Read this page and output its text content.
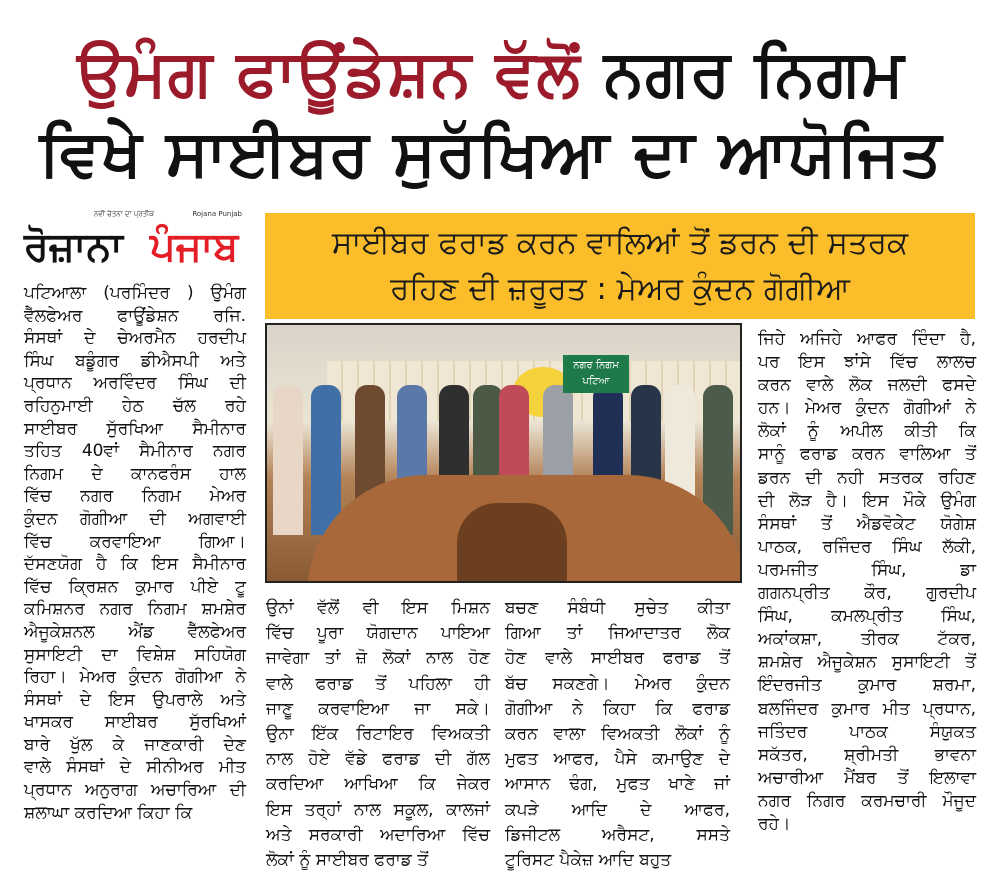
ਉਮੰਗ ਫਾਊਂਡੇਸ਼ਨ ਵੱਲੋਂ ਨਗਰ ਨਿਗਮ
ਵਿਖੇ ਸਾਈਬਰ ਸੁਰੱਖਿਆ ਦਾ ਆਯੋਜਿਤ
ਨਵੀਂ ਚੇਤਨਾ ਦਾ ਪ੍ਰਤੀਕ	Rojana Punjab
ਰੋਜ਼ਾਨਾ ਪੰਜਾਬ	ਸਾਈਬਰ ਫਰਾਡ ਕਰਨ ਵਾਲਿਆਂ ਤੋਂ ਡਰਨ ਦੀ ਸਤਰਕ
ਰਹਿਣ ਦੀ ਜ਼ਰੂਰਤ : ਮੇਅਰ ਕੁੰਦਨ ਗੋਗੀਆ
ਨਗਰ ਨਿਗਮ
ਪਟਿਆ
ਪਟਿਆਲਾ (ਪਰਮਿੰਦਰ ) ਉਮੰਗ
ਵੈੱਲਫੇਅਰ ਫਾਊਂਡੇਸ਼ਨ ਰਜਿ.
ਸੰਸਥਾਂ ਦੇ ਚੇਅਰਮੈਨ ਹਰਦੀਪ
ਸਿੰਘ ਬਡੂੰਗਰ ਡੀਐਸਪੀ ਅਤੇ
ਪ੍ਰਧਾਨ ਅਰਵਿੰਦਰ ਸਿੰਘ ਦੀ
ਰਹਿਨੁਮਾਈ ਹੇਠ ਚੱਲ ਰਹੇ
ਸਾਈਬਰ ਸੁੱਰਖਿਆ ਸੈਮੀਨਾਰ
ਤਹਿਤ 40ਵਾਂ ਸੈਮੀਨਾਰ ਨਗਰ
ਨਿਗਮ ਦੇ ਕਾਨਫਰੰਸ ਹਾਲ
ਵਿੱਚ ਨਗਰ ਨਿਗਮ ਮੇਅਰ
ਕੁੰਦਨ ਗੋਗੀਆ ਦੀ ਅਗਵਾਈ
ਵਿੱਚ ਕਰਵਾਇਆ ਗਿਆ।
ਦੱਸਣਯੋਗ ਹੈ ਕਿ ਇਸ ਸੈਮੀਨਾਰ
ਵਿੱਚ ਕ੍ਰਿਸ਼ਨ ਕੁਮਾਰ ਪੀਏ ਟੂ
ਕਮਿਸ਼ਨਰ ਨਗਰ ਨਿਗਮ ਸ਼ਮਸ਼ੇਰ
ਐਜੂਕੇਸ਼ਨਲ ਐਂਡ ਵੈੱਲਫੇਅਰ
ਸੁਸਾਇਟੀ ਦਾ ਵਿਸ਼ੇਸ਼ ਸਹਿਯੋਗ
ਰਿਹਾ। ਮੇਅਰ ਕੁੰਦਨ ਗੋਗੀਆ ਨੇ
ਸੰਸਥਾਂ ਦੇ ਇਸ ਉਪਰਾਲੇ ਅਤੇ
ਖਾਸਕਰ ਸਾਈਬਰ ਸੁੱਰਖਿਆਂ
ਬਾਰੇ ਖੁੱਲ ਕੇ ਜਾਣਕਾਰੀ ਦੇਣ
ਵਾਲੇ ਸੰਸਥਾਂ ਦੇ ਸੀਨੀਅਰ ਮੀਤ
ਪ੍ਰਧਾਨ ਅਨੁਰਾਗ ਅਚਾਰਿਆ ਦੀ
ਸ਼ਲਾਘਾ ਕਰਦਿਆ ਕਿਹਾ ਕਿ
ਉਨਾਂ ਵੱਲੋਂ ਵੀ ਇਸ ਮਿਸ਼ਨ
ਵਿੱਚ ਪੂਰਾ ਯੋਗਦਾਨ ਪਾਇਆ
ਜਾਵੇਗਾ ਤਾਂ ਜ਼ੋ ਲੋਕਾਂ ਨਾਲ ਹੋਣ
ਵਾਲੇ ਫਰਾਡ ਤੋਂ ਪਹਿਲਾ ਹੀ
ਜਾਣੂ ਕਰਵਾਇਆ ਜਾ ਸਕੇ।
ਉਨਾ ਇੱਕ ਰਿਟਾਇਰ ਵਿਅਕਤੀ
ਨਾਲ ਹੋਏ ਵੱਡੇ ਫਰਾਡ ਦੀ ਗੱਲ
ਕਰਦਿਆ ਆਖਿਆ ਕਿ ਜੇਕਰ
ਇਸ ਤਰ੍ਹਾਂ ਨਾਲ ਸਕੂਲ, ਕਾਲਜਾਂ
ਅਤੇ ਸਰਕਾਰੀ ਅਦਾਰਿਆ ਵਿੱਚ
ਲੋਕਾਂ ਨੂੰ ਸਾਈਬਰ ਫਰਾਡ ਤੋਂ
ਬਚਣ ਸੰਬੰਧੀ ਸੁਚੇਤ ਕੀਤਾ
ਗਿਆ ਤਾਂ ਜਿਆਦਾਤਰ ਲੋਕ
ਹੋਣ ਵਾਲੇ ਸਾਈਬਰ ਫਰਾਡ ਤੋਂ
ਬੱਚ ਸਕਣਗੇ। ਮੇਅਰ ਕੁੰਦਨ
ਗੋਗੀਆ ਨੇ ਕਿਹਾ ਕਿ ਫਰਾਡ
ਕਰਨ ਵਾਲਾ ਵਿਅਕਤੀ ਲੋਕਾਂ ਨੂੰ
ਮੁਫਤ ਆਫਰ, ਪੈਸੇ ਕਮਾਉਣ ਦੇ
ਆਸਾਨ ਢੰਗ, ਮੁਫਤ ਖਾਣੇ ਜਾਂ
ਕਪੜੇ ਆਦਿ ਦੇ ਆਫਰ,
ਡਿਜੀਟਲ ਅਰੈਸਟ, ਸਸਤੇ
ਟੂਰਿਸਟ ਪੈਕੇਜ਼ ਆਦਿ ਬਹੁਤ
ਜਿਹੇ ਅਜਿਹੇ ਆਫਰ ਦਿੰਦਾ ਹੈ,
ਪਰ ਇਸ ਝਾਂਸੇ ਵਿੱਚ ਲਾਲਚ
ਕਰਨ ਵਾਲੇ ਲੋਕ ਜਲਦੀ ਫਸਦੇ
ਹਨ। ਮੇਅਰ ਕੁੰਦਨ ਗੋਗੀਆਂ ਨੇ
ਲੋਕਾਂ ਨੂੰ ਅਪੀਲ ਕੀਤੀ ਕਿ
ਸਾਨੂੰ ਫਰਾਡ ਕਰਨ ਵਾਲਿਆ ਤੋਂ
ਡਰਨ ਦੀ ਨਹੀ ਸਤਰਕ ਰਹਿਣ
ਦੀ ਲੋੜ ਹੈ। ਇਸ ਮੌਕੇ ਉਮੰਗ
ਸੰਸਥਾਂ ਤੋਂ ਐਡਵੋਕੇਟ ਯੋਗੇਸ਼
ਪਾਠਕ, ਰਜਿੰਦਰ ਸਿੰਘ ਲੱਕੀ,
ਪਰਮਜੀਤ ਸਿੰਘ, ਡਾ
ਗਗਨਪ੍ਰੀਤ ਕੌਰ, ਗੁਰਦੀਪ
ਸਿੰਘ, ਕਮਲਪ੍ਰੀਤ ਸਿੰਘ,
ਅਕਾਂਕਸ਼ਾ, ਤੀਰਕ ਟੱਕਰ,
ਸ਼ਮਸ਼ੇਰ ਐਜੂਕੇਸ਼ਨ ਸੁਸਾਇਟੀ ਤੋਂ
ਇੰਦਰਜੀਤ ਕੁਮਾਰ ਸ਼ਰਮਾ,
ਬਲਜਿੰਦਰ ਕੁਮਾਰ ਮੀਤ ਪ੍ਰਧਾਨ,
ਜਤਿੰਦਰ ਪਾਠਕ ਸੰਯੁਕਤ
ਸਕੱਤਰ, ਸ਼੍ਰੀਮਤੀ ਭਾਵਨਾ
ਅਚਾਰੀਆ ਮੈਂਬਰ ਤੋਂ ਇਲਾਵਾ
ਨਗਰ ਨਿਗਰ ਕਰਮਚਾਰੀ ਮੌਜੂਦ
ਰਹੇ।
